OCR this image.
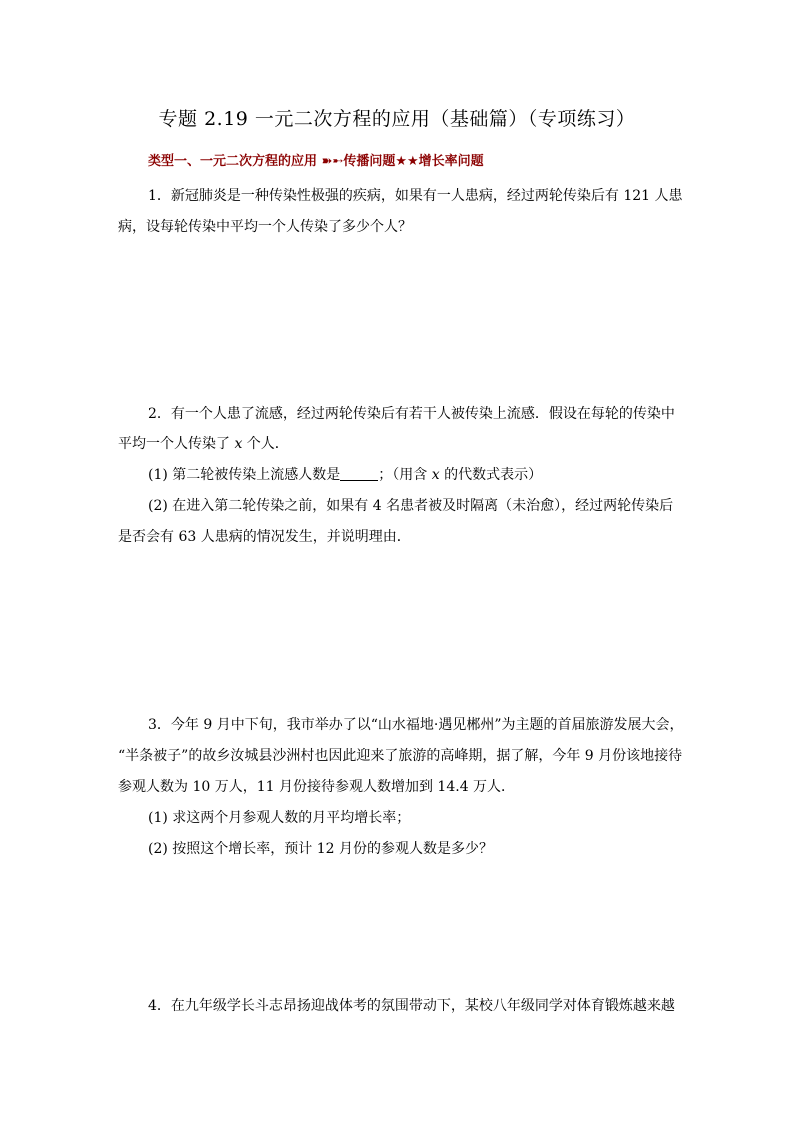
专题 2.19 一元二次方程的应用（基础篇）（专项练习）
类型一、一元二次方程的应用 ➽➸传播问题★★增长率问题
1．新冠肺炎是一种传染性极强的疾病，如果有一人患病，经过两轮传染后有 121 人患
病，设每轮传染中平均一个人传染了多少个人？
2．有一个人患了流感，经过两轮传染后有若干人被传染上流感．假设在每轮的传染中
平均一个人传染了 x 个人．
(1) 第二轮被传染上流感人数是	；（用含 x 的代数式表示）
(2) 在进入第二轮传染之前，如果有 4 名患者被及时隔离（未治愈），经过两轮传染后
是否会有 63 人患病的情况发生，并说明理由．
3．今年 9 月中下旬，我市举办了以“山水福地·遇见郴州”为主题的首届旅游发展大会，
“半条被子”的故乡汝城县沙洲村也因此迎来了旅游的高峰期，据了解，今年 9 月份该地接待
参观人数为 10 万人，11 月份接待参观人数增加到 14.4 万人．
(1) 求这两个月参观人数的月平均增长率；
(2) 按照这个增长率，预计 12 月份的参观人数是多少？
4．在九年级学长斗志昂扬迎战体考的氛围带动下，某校八年级同学对体育锻炼越来越
